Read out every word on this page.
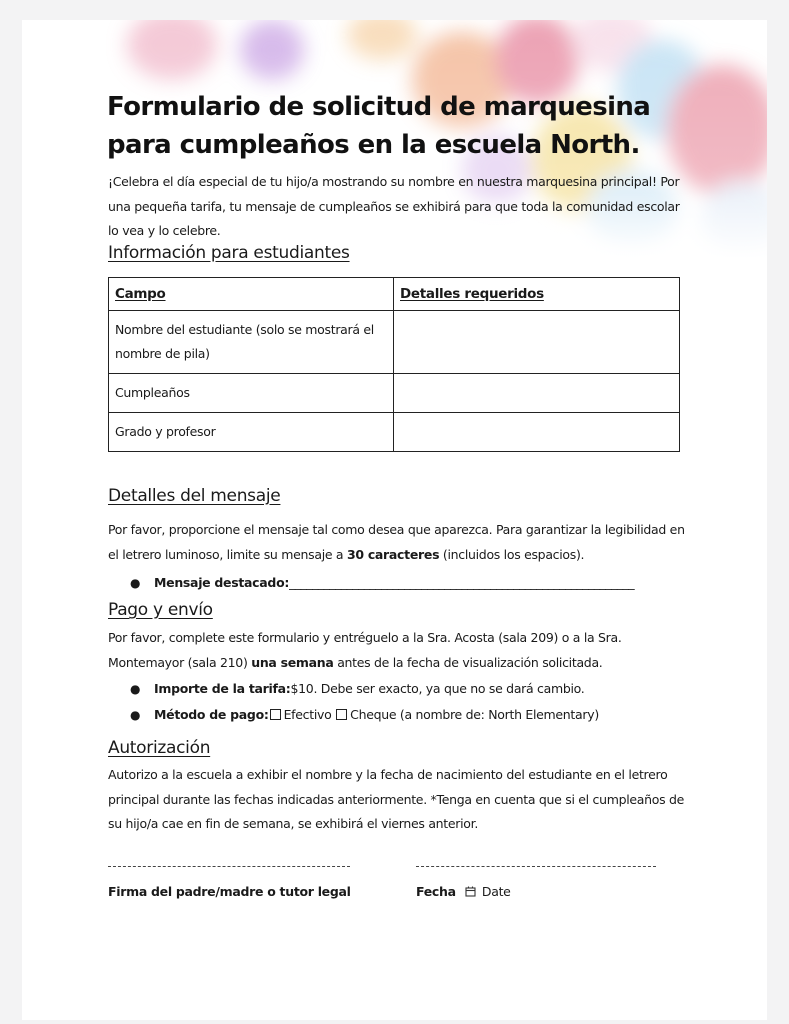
Formulario de solicitud de marquesina para cumpleaños en la escuela North.
¡Celebra el día especial de tu hijo/a mostrando su nombre en nuestra marquesina principal! Por una pequeña tarifa, tu mensaje de cumpleaños se exhibirá para que toda la comunidad escolar lo vea y lo celebre.
Información para estudiantes
Campo	Detalles requeridos
Nombre del estudiante (solo se mostrará el nombre de pila)	
Cumpleaños	
Grado y profesor	
Detalles del mensaje
Por favor, proporcione el mensaje tal como desea que aparezca. Para garantizar la legibilidad en el letrero luminoso, limite su mensaje a 30 caracteres (incluidos los espacios).
● Mensaje destacado:____________________________________________________________
Pago y envío
Por favor, complete este formulario y entréguelo a la Sra. Acosta (sala 209) o a la Sra. Montemayor (sala 210) una semana antes de la fecha de visualización solicitada.
● Importe de la tarifa:$10. Debe ser exacto, ya que no se dará cambio.
● Método de pago: Efectivo Cheque (a nombre de: North Elementary)
Autorización
Autorizo a la escuela a exhibir el nombre y la fecha de nacimiento del estudiante en el letrero principal durante las fechas indicadas anteriormente. *Tenga en cuenta que si el cumpleaños de su hijo/a cae en fin de semana, se exhibirá el viernes anterior.
Firma del padre/madre o tutor legal	Fecha Date
